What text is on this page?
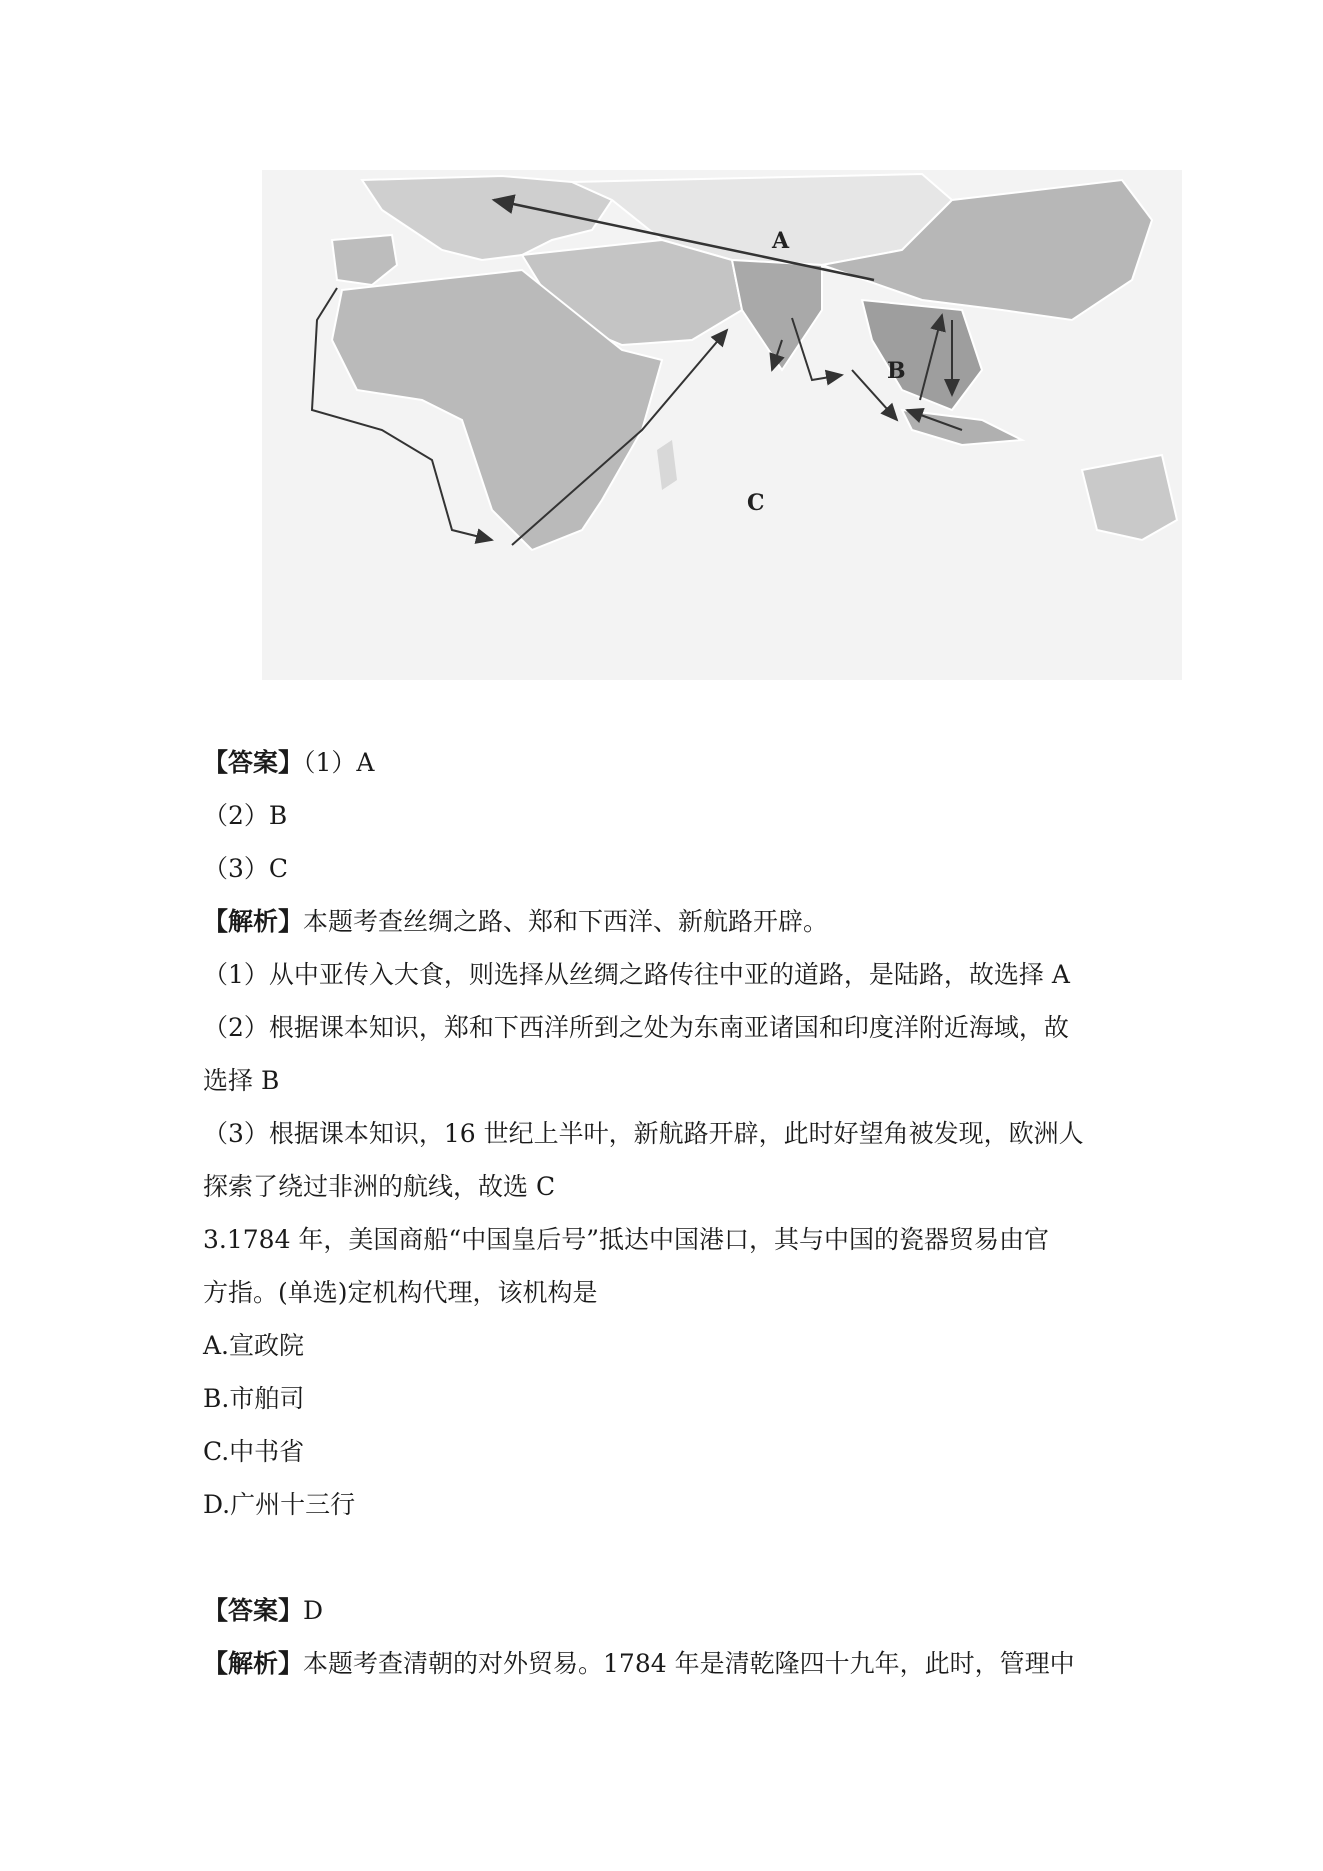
A
B
C

【答案】（1）A

（2）B

（3）C

【解析】本题考查丝绸之路、郑和下西洋、新航路开辟。

（1）从中亚传入大食，则选择从丝绸之路传往中亚的道路，是陆路，故选择 A

（2）根据课本知识，郑和下西洋所到之处为东南亚诸国和印度洋附近海域，故

选择 B

（3）根据课本知识，16 世纪上半叶，新航路开辟，此时好望角被发现，欧洲人

探索了绕过非洲的航线，故选 C

3.1784 年，美国商船“中国皇后号”抵达中国港口，其与中国的瓷器贸易由官

方指。(单选)定机构代理，该机构是

A.宣政院

B.市舶司

C.中书省

D.广州十三行

【答案】D

【解析】本题考查清朝的对外贸易。1784 年是清乾隆四十九年，此时，管理中
